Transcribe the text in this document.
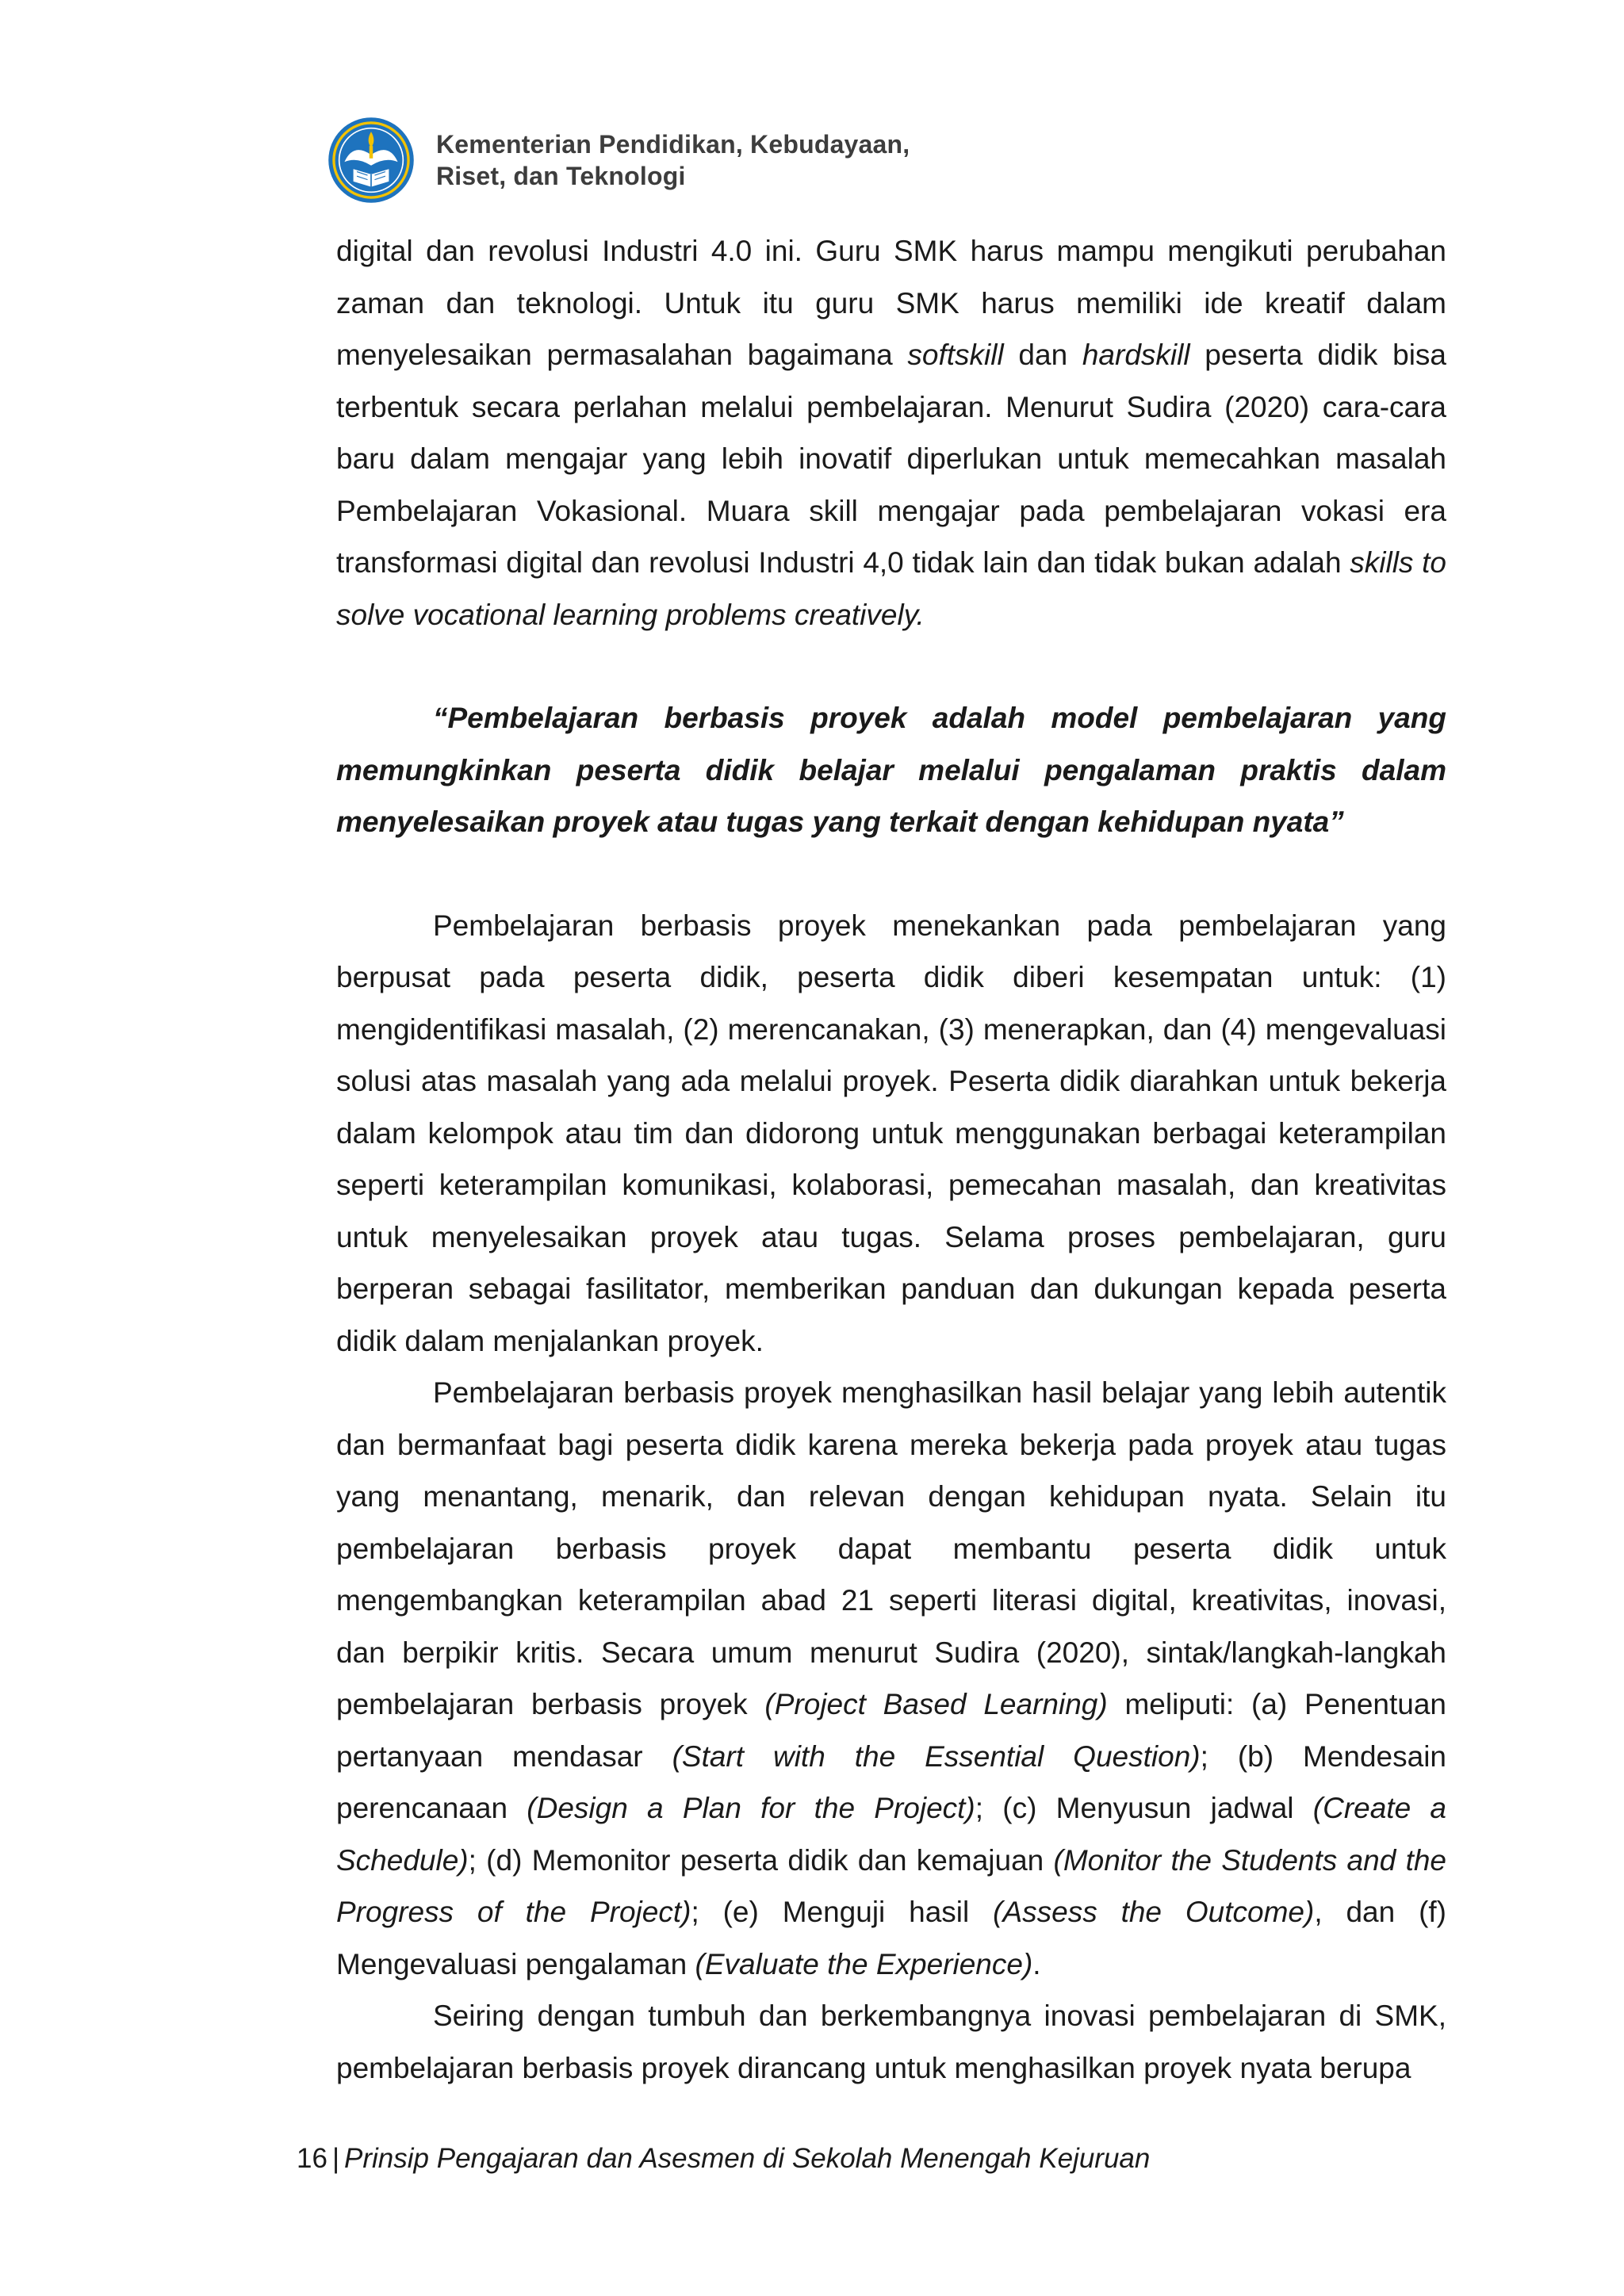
Kementerian Pendidikan, Kebudayaan,
Riset, dan Teknologi

digital dan revolusi Industri 4.0 ini. Guru SMK harus mampu mengikuti perubahan zaman dan teknologi. Untuk itu guru SMK harus memiliki ide kreatif dalam menyelesaikan permasalahan bagaimana softskill dan hardskill peserta didik bisa terbentuk secara perlahan melalui pembelajaran. Menurut Sudira (2020) cara-cara baru dalam mengajar yang lebih inovatif diperlukan untuk memecahkan masalah Pembelajaran Vokasional. Muara skill mengajar pada pembelajaran vokasi era transformasi digital dan revolusi Industri 4,0 tidak lain dan tidak bukan adalah skills to solve vocational learning problems creatively.

“Pembelajaran berbasis proyek adalah model pembelajaran yang memungkinkan peserta didik belajar melalui pengalaman praktis dalam menyelesaikan proyek atau tugas yang terkait dengan kehidupan nyata”

Pembelajaran berbasis proyek menekankan pada pembelajaran yang berpusat pada peserta didik, peserta didik diberi kesempatan untuk: (1) mengidentifikasi masalah, (2) merencanakan, (3) menerapkan, dan (4) mengevaluasi solusi atas masalah yang ada melalui proyek. Peserta didik diarahkan untuk bekerja dalam kelompok atau tim dan didorong untuk menggunakan berbagai keterampilan seperti keterampilan komunikasi, kolaborasi, pemecahan masalah, dan kreativitas untuk menyelesaikan proyek atau tugas. Selama proses pembelajaran, guru berperan sebagai fasilitator, memberikan panduan dan dukungan kepada peserta didik dalam menjalankan proyek.

Pembelajaran berbasis proyek menghasilkan hasil belajar yang lebih autentik dan bermanfaat bagi peserta didik karena mereka bekerja pada proyek atau tugas yang menantang, menarik, dan relevan dengan kehidupan nyata. Selain itu pembelajaran berbasis proyek dapat membantu peserta didik untuk mengembangkan keterampilan abad 21 seperti literasi digital, kreativitas, inovasi, dan berpikir kritis. Secara umum menurut Sudira (2020), sintak/langkah-langkah pembelajaran berbasis proyek (Project Based Learning) meliputi: (a) Penentuan pertanyaan mendasar (Start with the Essential Question); (b) Mendesain perencanaan (Design a Plan for the Project); (c) Menyusun jadwal (Create a Schedule); (d) Memonitor peserta didik dan kemajuan (Monitor the Students and the Progress of the Project); (e) Menguji hasil (Assess the Outcome), dan (f) Mengevaluasi pengalaman (Evaluate the Experience).

Seiring dengan tumbuh dan berkembangnya inovasi pembelajaran di SMK, pembelajaran berbasis proyek dirancang untuk menghasilkan proyek nyata berupa

16 | Prinsip Pengajaran dan Asesmen di Sekolah Menengah Kejuruan
